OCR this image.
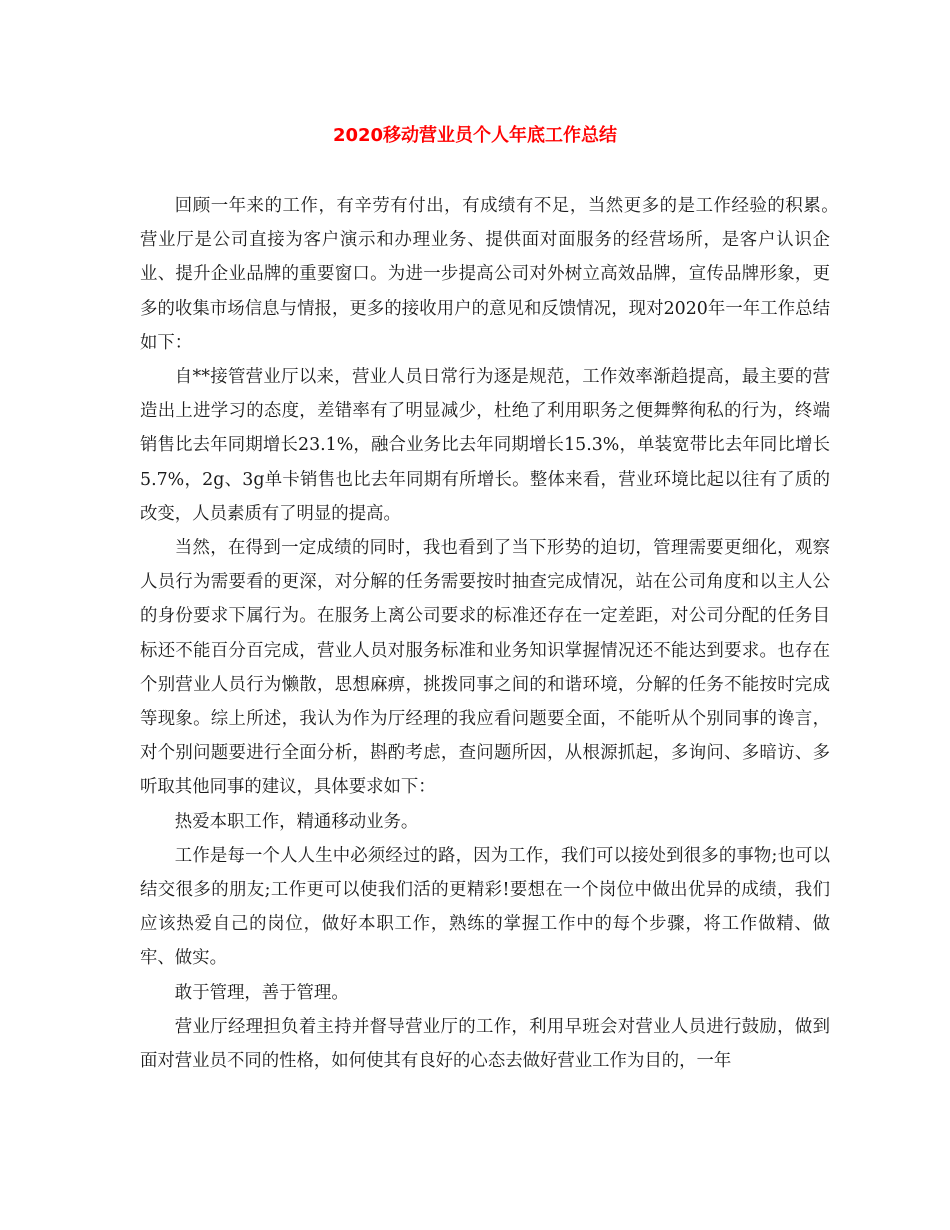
2020移动营业员个人年底工作总结

回顾一年来的工作，有辛劳有付出，有成绩有不足，当然更多的是工作经验的积累。　营业厅是公司直接为客户演示和办理业务、提供面对面服务的经营场所，是客户认识企业、提升企业品牌的重要窗口。为进一步提高公司对外树立高效品牌，宣传品牌形象，更多的收集市场信息与情报，更多的接收用户的意见和反馈情况，现对2020年一年工作总结如下：

自**接管营业厅以来，营业人员日常行为逐是规范，工作效率渐趋提高，最主要的营造出上进学习的态度，差错率有了明显减少，杜绝了利用职务之便舞弊徇私的行为，终端销售比去年同期增长23.1%，融合业务比去年同期增长15.3%，单装宽带比去年同比增长5.7%，2g、3g单卡销售也比去年同期有所增长。整体来看，营业环境比起以往有了质的改变，人员素质有了明显的提高。

当然，在得到一定成绩的同时，我也看到了当下形势的迫切，管理需要更细化，观察人员行为需要看的更深，对分解的任务需要按时抽查完成情况，站在公司角度和以主人公的身份要求下属行为。在服务上离公司要求的标准还存在一定差距，对公司分配的任务目标还不能百分百完成，营业人员对服务标准和业务知识掌握情况还不能达到要求。也存在个别营业人员行为懒散，思想麻痹，挑拨同事之间的和谐环境，分解的任务不能按时完成等现象。综上所述，我认为作为厅经理的我应看问题要全面，不能听从个别同事的谗言，对个别问题要进行全面分析，斟酌考虑，查问题所因，从根源抓起，多询问、多暗访、多听取其他同事的建议，具体要求如下：

热爱本职工作，精通移动业务。

工作是每一个人人生中必须经过的路，因为工作，我们可以接处到很多的事物;也可以结交很多的朋友;工作更可以使我们活的更精彩!要想在一个岗位中做出优异的成绩，我们应该热爱自己的岗位，做好本职工作，熟练的掌握工作中的每个步骤，将工作做精、做牢、做实。

敢于管理，善于管理。

营业厅经理担负着主持并督导营业厅的工作，利用早班会对营业人员进行鼓励，做到面对营业员不同的性格，如何使其有良好的心态去做好营业工作为目的，一年
